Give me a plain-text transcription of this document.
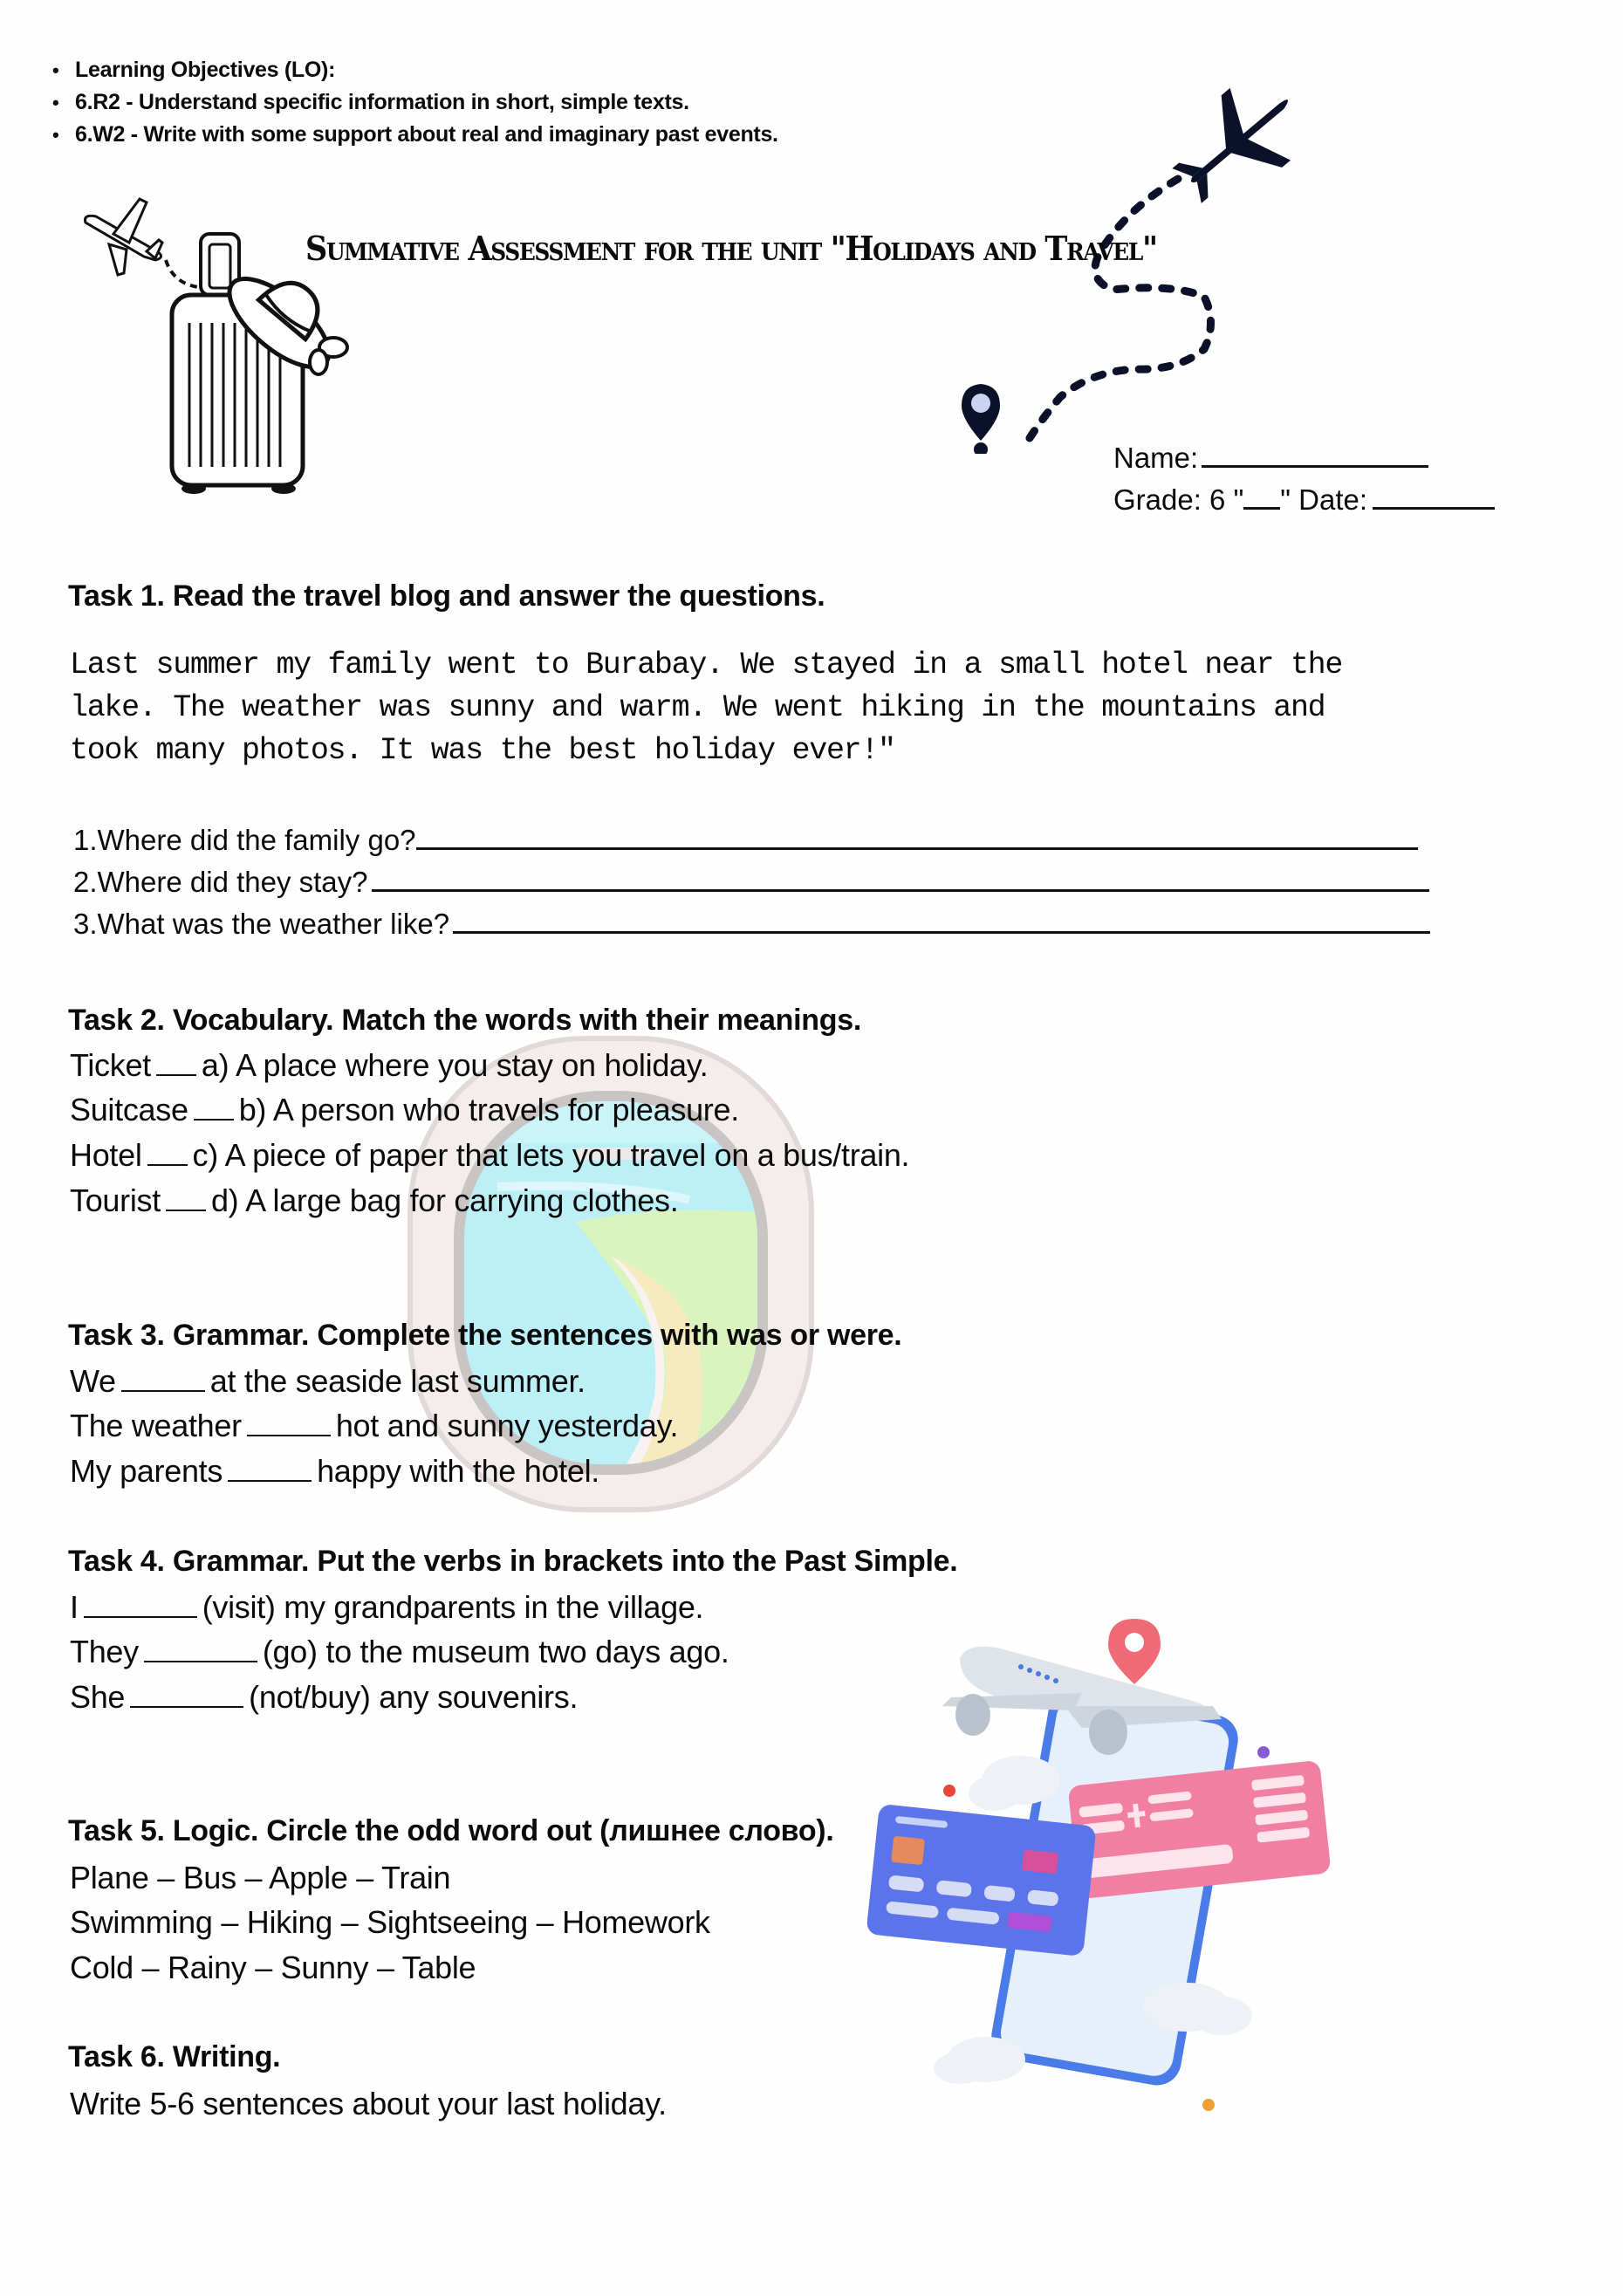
• Learning Objectives (LO):
• 6.R2 - Understand specific information in short, simple texts.
• 6.W2 - Write with some support about real and imaginary past events.
Summative Assessment for the unit "Holidays and Travel"
Name:
Grade: 6 " " Date:
Task 1. Read the travel blog and answer the questions.
Last summer my family went to Burabay. We stayed in a small hotel near the
lake. The weather was sunny and warm. We went hiking in the mountains and
took many photos. It was the best holiday ever!"
1.Where did the family go?
2.Where did they stay?
3.What was the weather like?
Task 2. Vocabulary. Match the words with their meanings.
Ticket a) A place where you stay on holiday.
Suitcase b) A person who travels for pleasure.
Hotel c) A piece of paper that lets you travel on a bus/train.
Tourist d) A large bag for carrying clothes.
Task 3. Grammar. Complete the sentences with was or were.
We	at the seaside last summer.
The weather	hot and sunny yesterday.
My parents	happy with the hotel.
Task 4. Grammar. Put the verbs in brackets into the Past Simple.
I	(visit) my grandparents in the village.
They	(go) to the museum two days ago.
She	(not/buy) any souvenirs.
Task 5. Logic. Circle the odd word out (лишнее слово).
Plane – Bus – Apple – Train
Swimming – Hiking – Sightseeing – Homework
Cold – Rainy – Sunny – Table
Task 6. Writing.
Write 5-6 sentences about your last holiday.
